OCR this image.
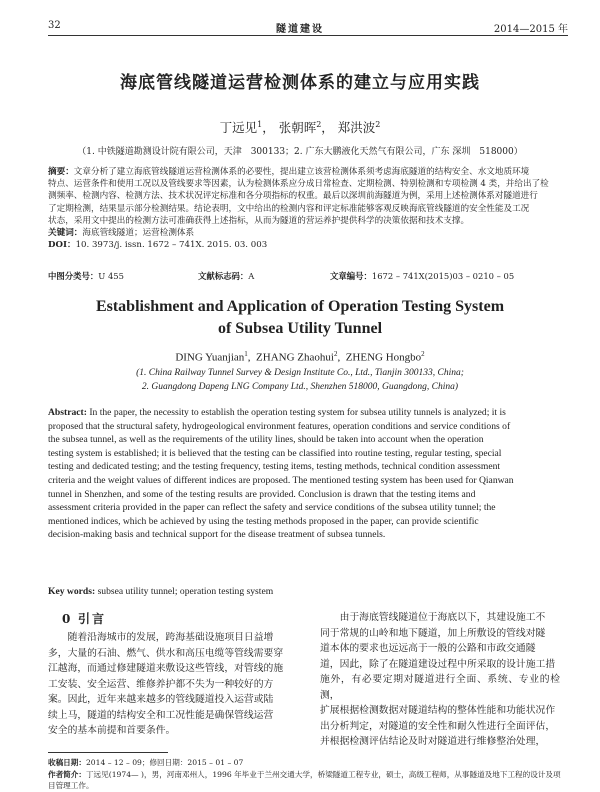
32	隧道建设	2014—2015 年
海底管线隧道运营检测体系的建立与应用实践
丁远见$^1$， 张朝晖$^2$， 郑洪波$^2$
（1. 中铁隧道勘测设计院有限公司，天津　300133；2. 广东大鹏液化天然气有限公司，广东 深圳　518000）
摘要：文章分析了建立海底管线隧道运营检测体系的必要性，提出建立该营检测体系须考虑海底隧道的结构安全、水文地质环境
特点、运营条件和使用工况以及管线要求等因素，认为检测体系应分成日常检查、定期检测、特别检测和专项检测 4 类，并给出了检
测频率、检测内容、检测方法、技术状况评定标准和各分项指标的权重。最后以深圳前海隧道为例，采用上述检测体系对隧道进行
了定期检测，结果显示部分检测结果。结论表明，文中给出的检测内容和评定标准能够客观反映海底管线隧道的安全性能及工况
状态，采用文中提出的检测方法可准确获得上述指标，从而为隧道的营运养护提供科学的决策依据和技术支撑。
关键词：海底管线隧道；运营检测体系
DOI：10. 3973/j. issn. 1672 – 741X. 2015. 03. 003
中图分类号：U 455	文献标志码：A	文章编号：1672 – 741X(2015)03 – 0210 – 05
Establishment and Application of Operation Testing System
of Subsea Utility Tunnel
DING Yuanjian$^1$,  ZHANG Zhaohui$^2$,  ZHENG Hongbo$^2$
(1. China Railway Tunnel Survey & Design Institute Co., Ltd., Tianjin 300133, China;
2. Guangdong Dapeng LNG Company Ltd., Shenzhen 518000, Guangdong, China)
Abstract: In the paper, the necessity to establish the operation testing system for subsea utility tunnels is analyzed; it is
proposed that the structural safety, hydrogeological environment features, operation conditions and service conditions of
the subsea tunnel, as well as the requirements of the utility lines, should be taken into account when the operation
testing system is established; it is believed that the testing can be classified into routine testing, regular testing, special
testing and dedicated testing; and the testing frequency, testing items, testing methods, technical condition assessment
criteria and the weight values of different indices are proposed. The mentioned testing system has been used for Qianwan
tunnel in Shenzhen, and some of the testing results are provided. Conclusion is drawn that the testing items and
assessment criteria provided in the paper can reflect the safety and service conditions of the subsea utility tunnel; the
mentioned indices, which be achieved by using the testing methods proposed in the paper, can provide scientific
decision-making basis and technical support for the disease treatment of subsea tunnels.
Key words: subsea utility tunnel; operation testing system
0 引言
　　随着沿海城市的发展，跨海基础设施项目日益增
多，大量的石油、燃气、供水和高压电缆等管线需要穿
江越海，而通过修建隧道来敷设这些管线，对管线的施
工安装、安全运营、维修养护都不失为一种较好的方
案。因此，近年来越来越多的管线隧道投入运营或陆
续上马，隧道的结构安全和工况性能是确保管线运营
安全的基本前提和首要条件。
　　由于海底管线隧道位于海底以下，其建设施工不
同于常规的山岭和地下隧道，加上所敷设的管线对隧
道本体的要求也远远高于一般的公路和市政交通隧
道，因此，除了在隧道建设过程中所采取的设计施工措
施外，有必要定期对隧道进行全面、系统、专业的检测，
扩展根据检测数据对隧道结构的整体性能和功能状况作
出分析判定，对隧道的安全性和耐久性进行全面评估，
并根据检测评估结论及时对隧道进行维修整治处理，
收稿日期：2014 – 12 – 09；修回日期：2015 – 01 – 07
作者简介：丁远见(1974— )，男，河南邓州人，1996 年毕业于兰州交通大学，桥梁隧道工程专业，硕士，高级工程师，从事隧道及地下工程的设计及项
目管理工作。
